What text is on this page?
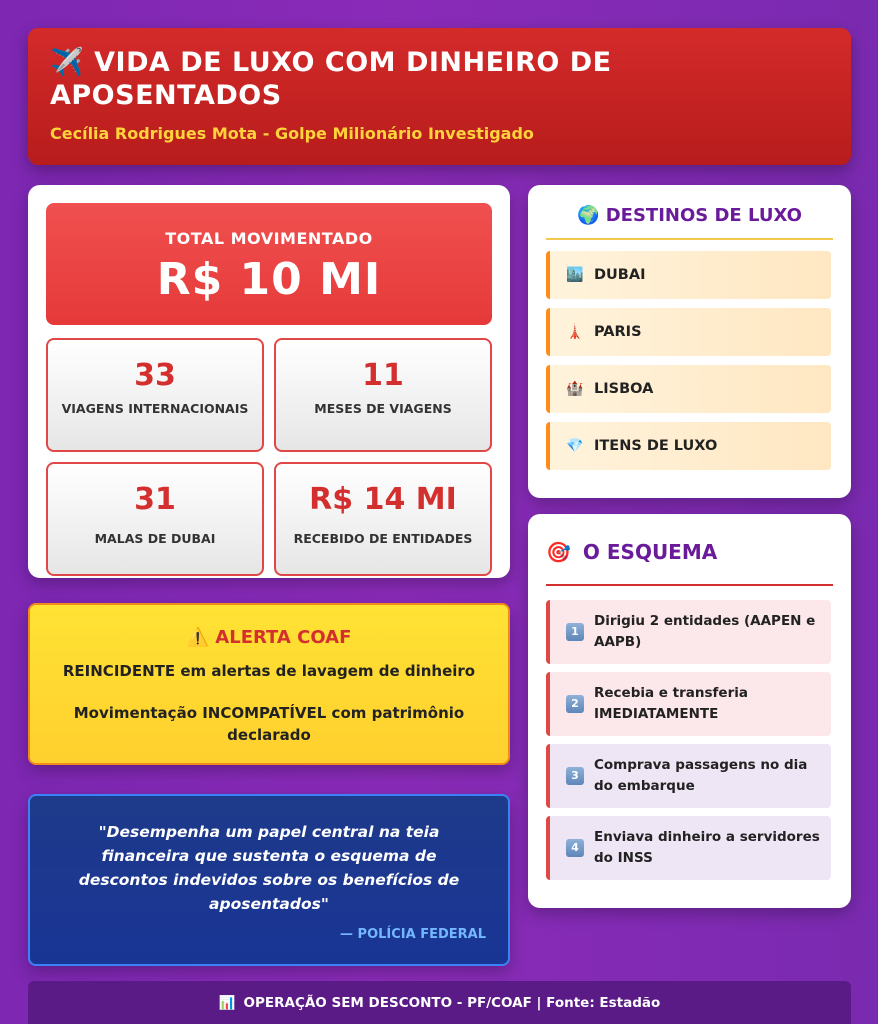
✈️ VIDA DE LUXO COM DINHEIRO DE APOSENTADOS
Cecília Rodrigues Mota - Golpe Milionário Investigado
TOTAL MOVIMENTADO
R$ 10 MI
33
VIAGENS INTERNACIONAIS
11
MESES DE VIAGENS
31
MALAS DE DUBAI
R$ 14 MI
RECEBIDO DE ENTIDADES
🌍 DESTINOS DE LUXO
🏙️ DUBAI
🗼 PARIS
🏰 LISBOA
💎 ITENS DE LUXO
🎯 O ESQUEMA
1
Dirigiu 2 entidades (AAPEN e AAPB)
2
Recebia e transferia IMEDIATAMENTE
3
Comprava passagens no dia do embarque
4
Enviava dinheiro a servidores do INSS
⚠️ ALERTA COAF
REINCIDENTE em alertas de lavagem de dinheiro
Movimentação INCOMPATÍVEL com patrimônio declarado
"Desempenha um papel central na teia financeira que sustenta o esquema de descontos indevidos sobre os benefícios de aposentados"
— POLÍCIA FEDERAL
📊 OPERAÇÃO SEM DESCONTO - PF/COAF | Fonte: Estadão
